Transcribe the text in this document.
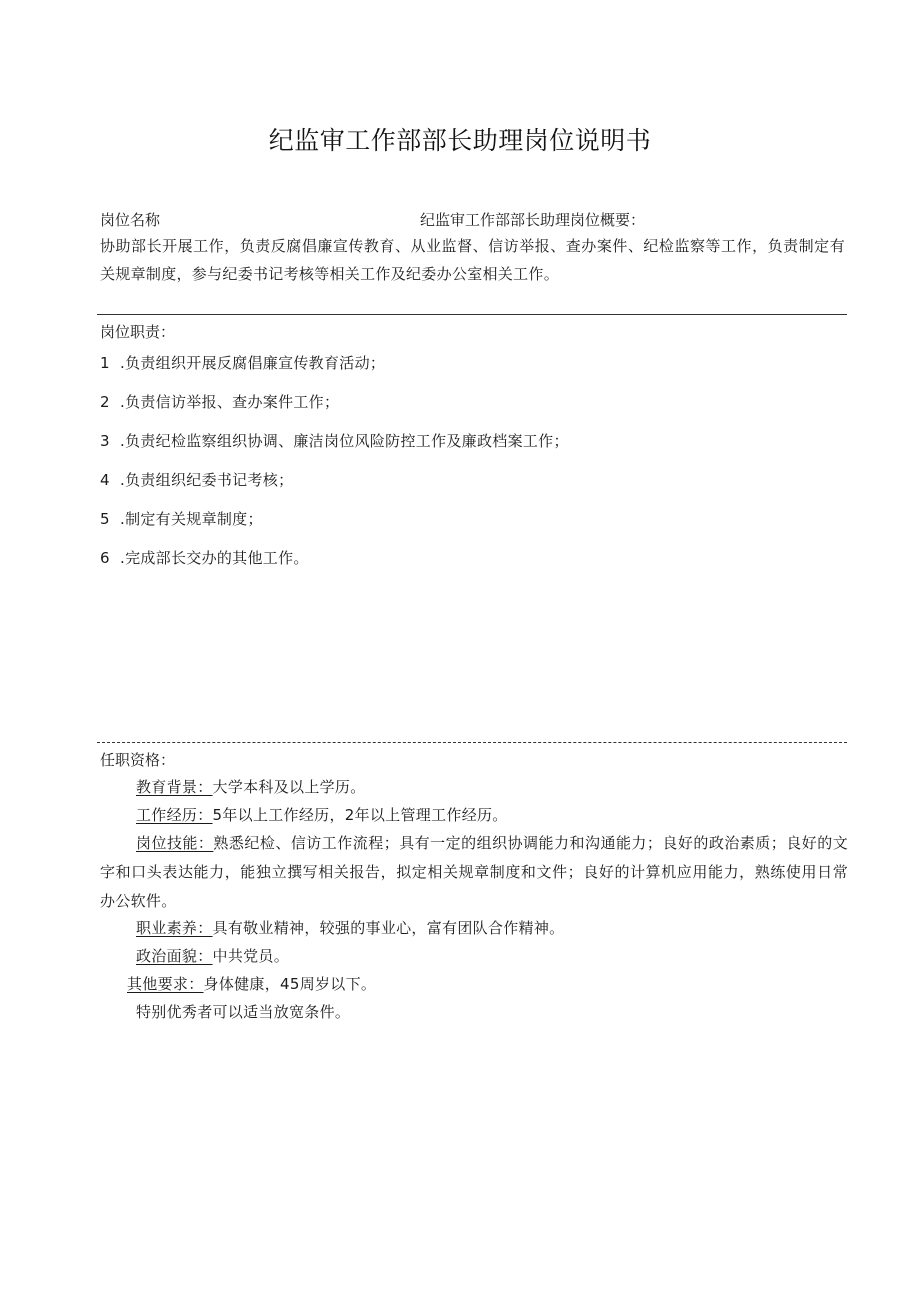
纪监审工作部部长助理岗位说明书
岗位名称	纪监审工作部部长助理岗位概要：
协助部长开展工作，负责反腐倡廉宣传教育、从业监督、信访举报、查办案件、纪检监察等工作，负责制定有关规章制度，参与纪委书记考核等相关工作及纪委办公室相关工作。
岗位职责：
1 .负责组织开展反腐倡廉宣传教育活动；
2 .负责信访举报、查办案件工作；
3 .负责纪检监察组织协调、廉洁岗位风险防控工作及廉政档案工作；
4 .负责组织纪委书记考核；
5 .制定有关规章制度；
6 .完成部长交办的其他工作。
任职资格：
教育背景：大学本科及以上学历。
工作经历：5年以上工作经历，2年以上管理工作经历。
岗位技能：熟悉纪检、信访工作流程；具有一定的组织协调能力和沟通能力；良好的政治素质；良好的文字和口头表达能力，能独立撰写相关报告，拟定相关规章制度和文件；良好的计算机应用能力，熟练使用日常办公软件。
职业素养：具有敬业精神，较强的事业心，富有团队合作精神。
政治面貌：中共党员。
其他要求：身体健康，45周岁以下。
特别优秀者可以适当放宽条件。
